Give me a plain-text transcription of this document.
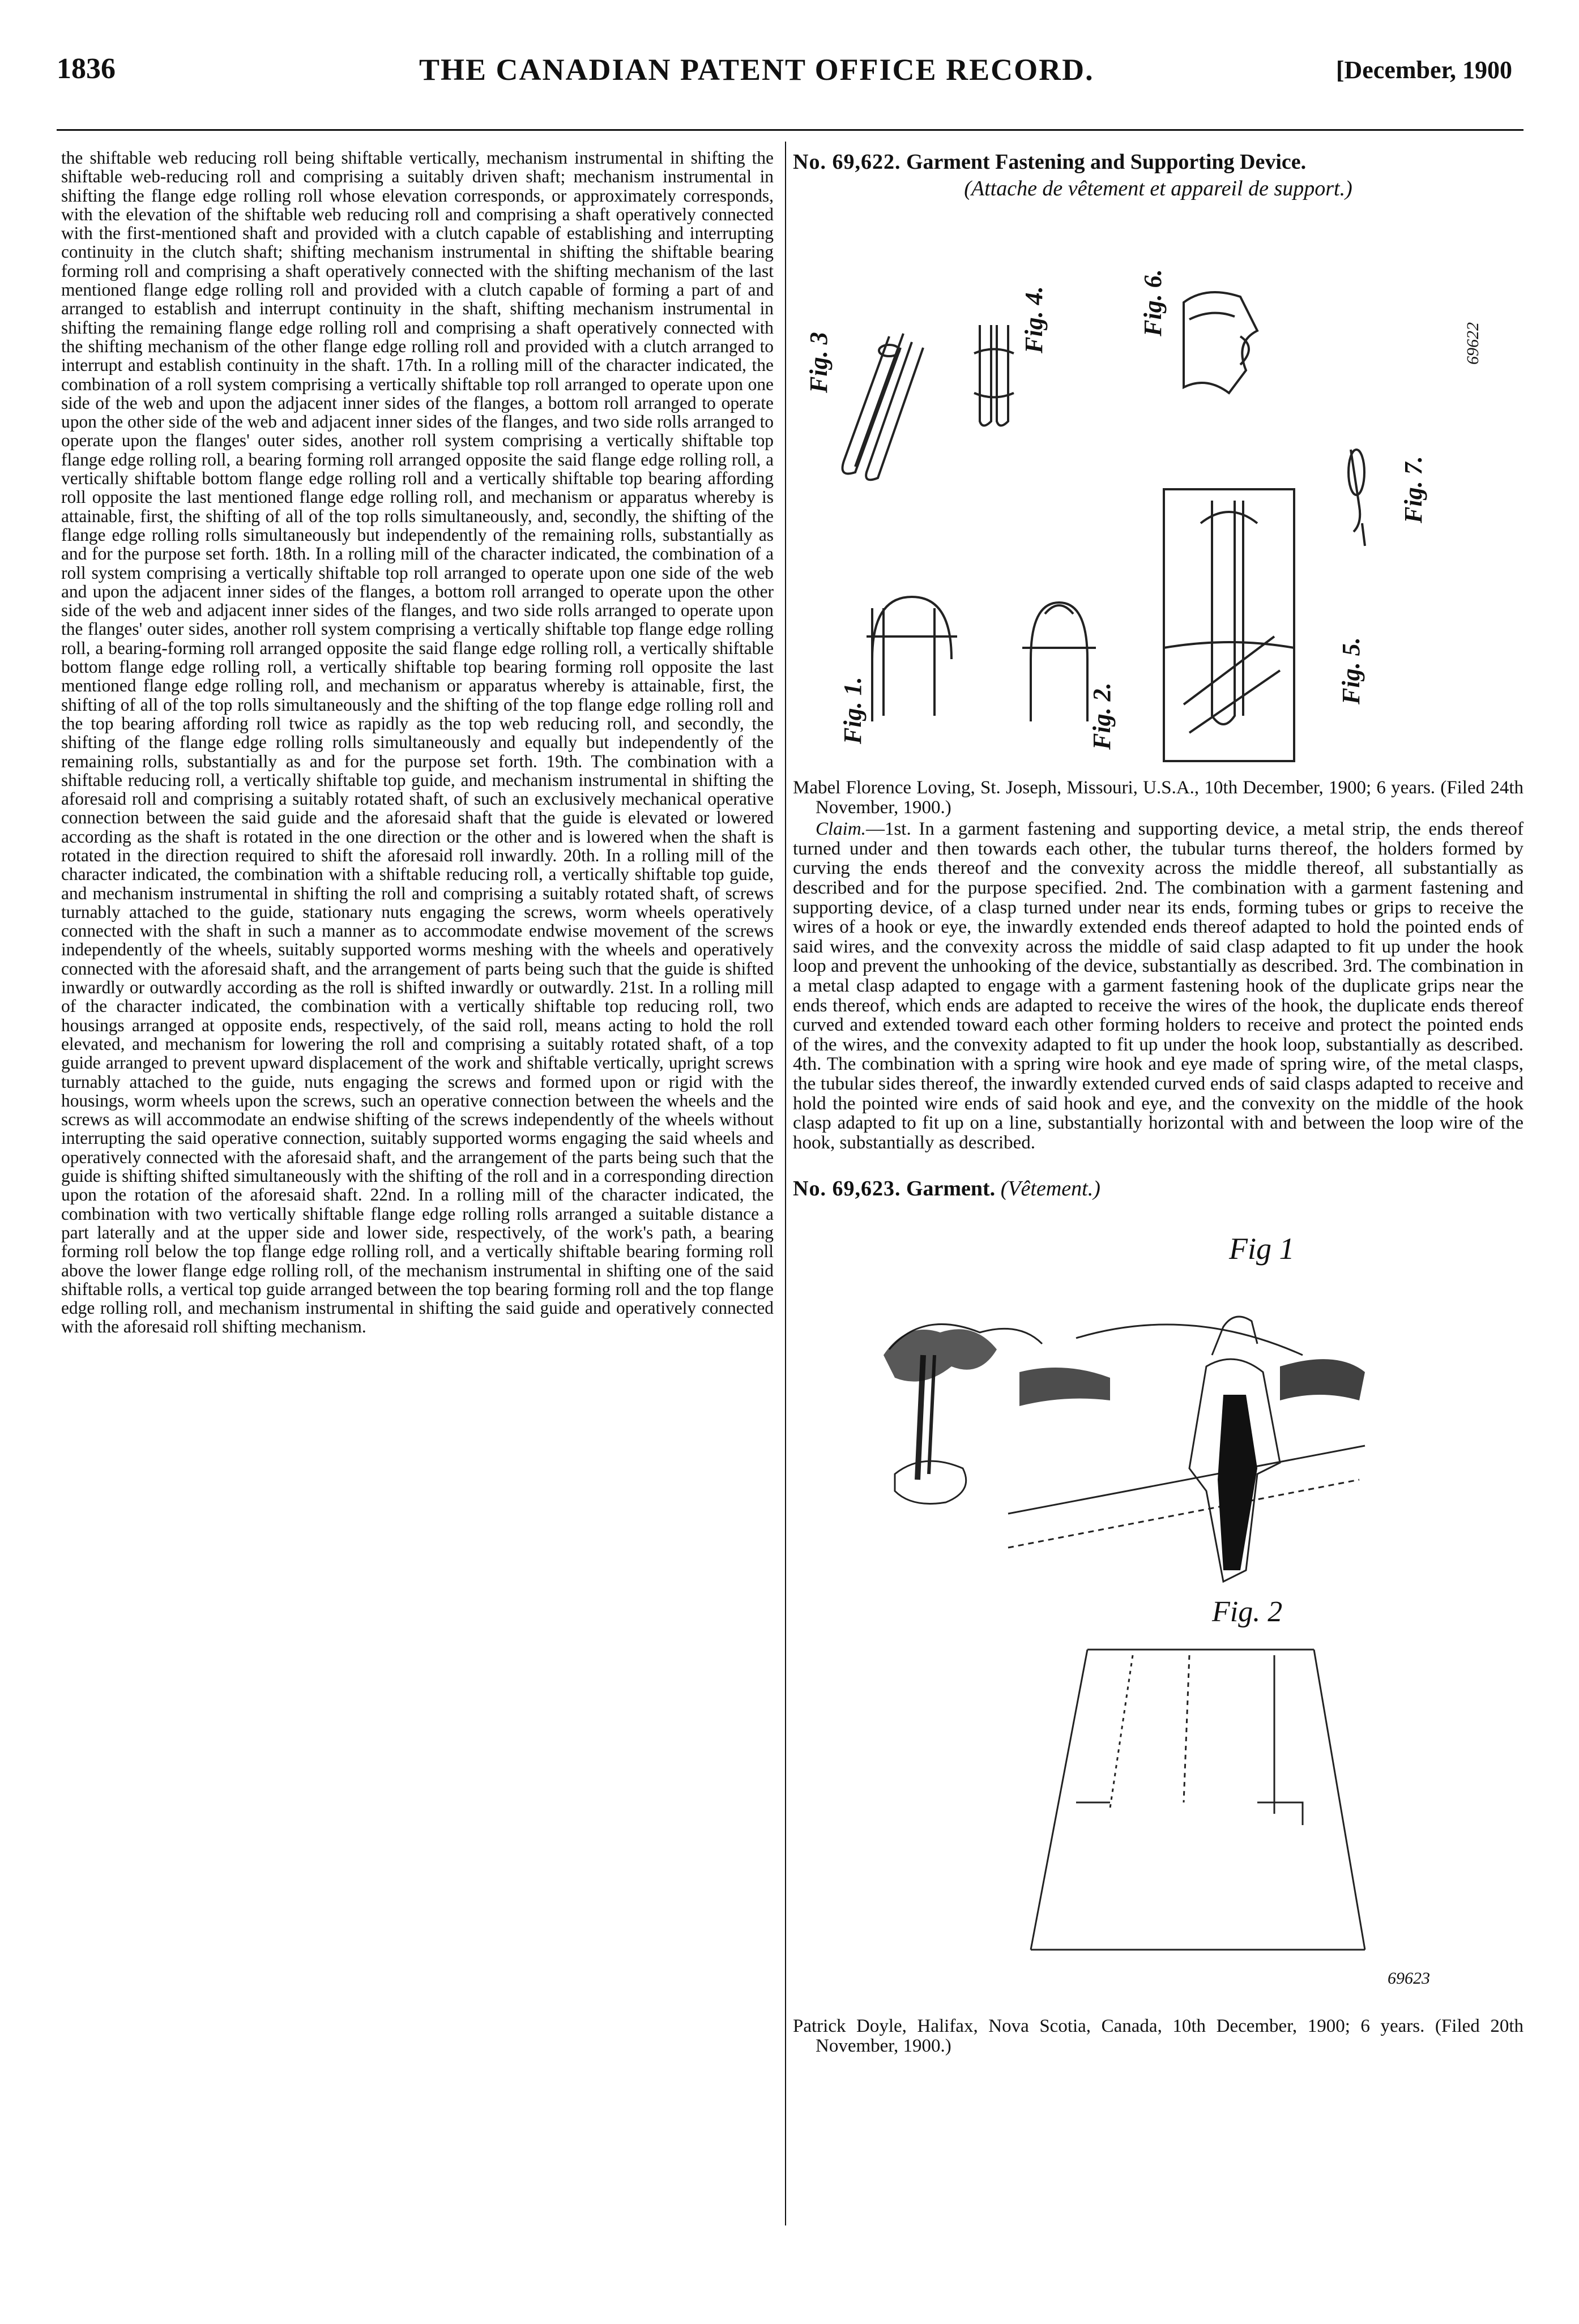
1836	THE CANADIAN PATENT OFFICE RECORD.	[December, 1900

the shiftable web reducing roll being shiftable vertically, mechanism instrumental in shifting the shiftable web-reducing roll and comprising a suitably driven shaft; mechanism instrumental in shifting the flange edge rolling roll whose elevation corresponds, or approximately corresponds, with the elevation of the shiftable web reducing roll and comprising a shaft operatively connected with the first-mentioned shaft and provided with a clutch capable of establishing and interrupting continuity in the clutch shaft; shifting mechanism instrumental in shifting the shiftable bearing forming roll and comprising a shaft operatively connected with the shifting mechanism of the last mentioned flange edge rolling roll and provided with a clutch capable of forming a part of and arranged to establish and interrupt continuity in the shaft, shifting mechanism instrumental in shifting the remaining flange edge rolling roll and comprising a shaft operatively connected with the shifting mechanism of the other flange edge rolling roll and provided with a clutch arranged to interrupt and establish continuity in the shaft. 17th. In a rolling mill of the character indicated, the combination of a roll system comprising a vertically shiftable top roll arranged to operate upon one side of the web and upon the adjacent inner sides of the flanges, a bottom roll arranged to operate upon the other side of the web and adjacent inner sides of the flanges, and two side rolls arranged to operate upon the flanges' outer sides, another roll system comprising a vertically shiftable top flange edge rolling roll, a bearing forming roll arranged opposite the said flange edge rolling roll, a vertically shiftable bottom flange edge rolling roll and a vertically shiftable top bearing affording roll opposite the last mentioned flange edge rolling roll, and mechanism or apparatus whereby is attainable, first, the shifting of all of the top rolls simultaneously, and, secondly, the shifting of the flange edge rolling rolls simultaneously but independently of the remaining rolls, substantially as and for the purpose set forth. 18th. In a rolling mill of the character indicated, the combination of a roll system comprising a vertically shiftable top roll arranged to operate upon one side of the web and upon the adjacent inner sides of the flanges, a bottom roll arranged to operate upon the other side of the web and adjacent inner sides of the flanges, and two side rolls arranged to operate upon the flanges' outer sides, another roll system comprising a vertically shiftable top flange edge rolling roll, a bearing-forming roll arranged opposite the said flange edge rolling roll, a vertically shiftable bottom flange edge rolling roll, a vertically shiftable top bearing forming roll opposite the last mentioned flange edge rolling roll, and mechanism or apparatus whereby is attainable, first, the shifting of all of the top rolls simultaneously and the shifting of the top flange edge rolling roll and the top bearing affording roll twice as rapidly as the top web reducing roll, and secondly, the shifting of the flange edge rolling rolls simultaneously and equally but independently of the remaining rolls, substantially as and for the purpose set forth. 19th. The combination with a shiftable reducing roll, a vertically shiftable top guide, and mechanism instrumental in shifting the aforesaid roll and comprising a suitably rotated shaft, of such an exclusively mechanical operative connection between the said guide and the aforesaid shaft that the guide is elevated or lowered according as the shaft is rotated in the one direction or the other and is lowered when the shaft is rotated in the direction required to shift the aforesaid roll inwardly. 20th. In a rolling mill of the character indicated, the combination with a shiftable reducing roll, a vertically shiftable top guide, and mechanism instrumental in shifting the roll and comprising a suitably rotated shaft, of screws turnably attached to the guide, stationary nuts engaging the screws, worm wheels operatively connected with the shaft in such a manner as to accommodate endwise movement of the screws independently of the wheels, suitably supported worms meshing with the wheels and operatively connected with the aforesaid shaft, and the arrangement of parts being such that the guide is shifted inwardly or outwardly according as the roll is shifted inwardly or outwardly. 21st. In a rolling mill of the character indicated, the combination with a vertically shiftable top reducing roll, two housings arranged at opposite ends, respectively, of the said roll, means acting to hold the roll elevated, and mechanism for lowering the roll and comprising a suitably rotated shaft, of a top guide arranged to prevent upward displacement of the work and shiftable vertically, upright screws turnably attached to the guide, nuts engaging the screws and formed upon or rigid with the housings, worm wheels upon the screws, such an operative connection between the wheels and the screws as will accommodate an endwise shifting of the screws independently of the wheels without interrupting the said operative connection, suitably supported worms engaging the said wheels and operatively connected with the aforesaid shaft, and the arrangement of the parts being such that the guide is shifting shifted simultaneously with the shifting of the roll and in a corresponding direction upon the rotation of the aforesaid shaft. 22nd. In a rolling mill of the character indicated, the combination with two vertically shiftable flange edge rolling rolls arranged a suitable distance a part laterally and at the upper side and lower side, respectively, of the work's path, a bearing forming roll below the top flange edge rolling roll, and a vertically shiftable bearing forming roll above the lower flange edge rolling roll, of the mechanism instrumental in shifting one of the said shiftable rolls, a vertical top guide arranged between the top bearing forming roll and the top flange edge rolling roll, and mechanism instrumental in shifting the said guide and operatively connected with the aforesaid roll shifting mechanism.

No. 69,622. Garment Fastening and Supporting Device.

(Attache de vêtement et appareil de support.)

Fig. 3
Fig. 4.	Fig. 6.
Fig. 7.
Fig. 5.
Fig. 1.	Fig. 2.
69622

Mabel Florence Loving, St. Joseph, Missouri, U.S.A., 10th December, 1900; 6 years. (Filed 24th November, 1900.)

Claim.—1st. In a garment fastening and supporting device, a metal strip, the ends thereof turned under and then towards each other, the tubular turns thereof, the holders formed by curving the ends thereof and the convexity across the middle thereof, all substantially as described and for the purpose specified. 2nd. The combination with a garment fastening and supporting device, of a clasp turned under near its ends, forming tubes or grips to receive the wires of a hook or eye, the inwardly extended ends thereof adapted to hold the pointed ends of said wires, and the convexity across the middle of said clasp adapted to fit up under the hook loop and prevent the unhooking of the device, substantially as described. 3rd. The combination in a metal clasp adapted to engage with a garment fastening hook of the duplicate grips near the ends thereof, which ends are adapted to receive the wires of the hook, the duplicate ends thereof curved and extended toward each other forming holders to receive and protect the pointed ends of the wires, and the convexity adapted to fit up under the hook loop, substantially as described. 4th. The combination with a spring wire hook and eye made of spring wire, of the metal clasps, the tubular sides thereof, the inwardly extended curved ends of said clasps adapted to receive and hold the pointed wire ends of said hook and eye, and the convexity on the middle of the hook clasp adapted to fit up on a line, substantially horizontal with and between the loop wire of the hook, substantially as described.

No. 69,623. Garment. (Vêtement.)

Fig 1
Fig. 2
69623

Patrick Doyle, Halifax, Nova Scotia, Canada, 10th December, 1900; 6 years. (Filed 20th November, 1900.)
